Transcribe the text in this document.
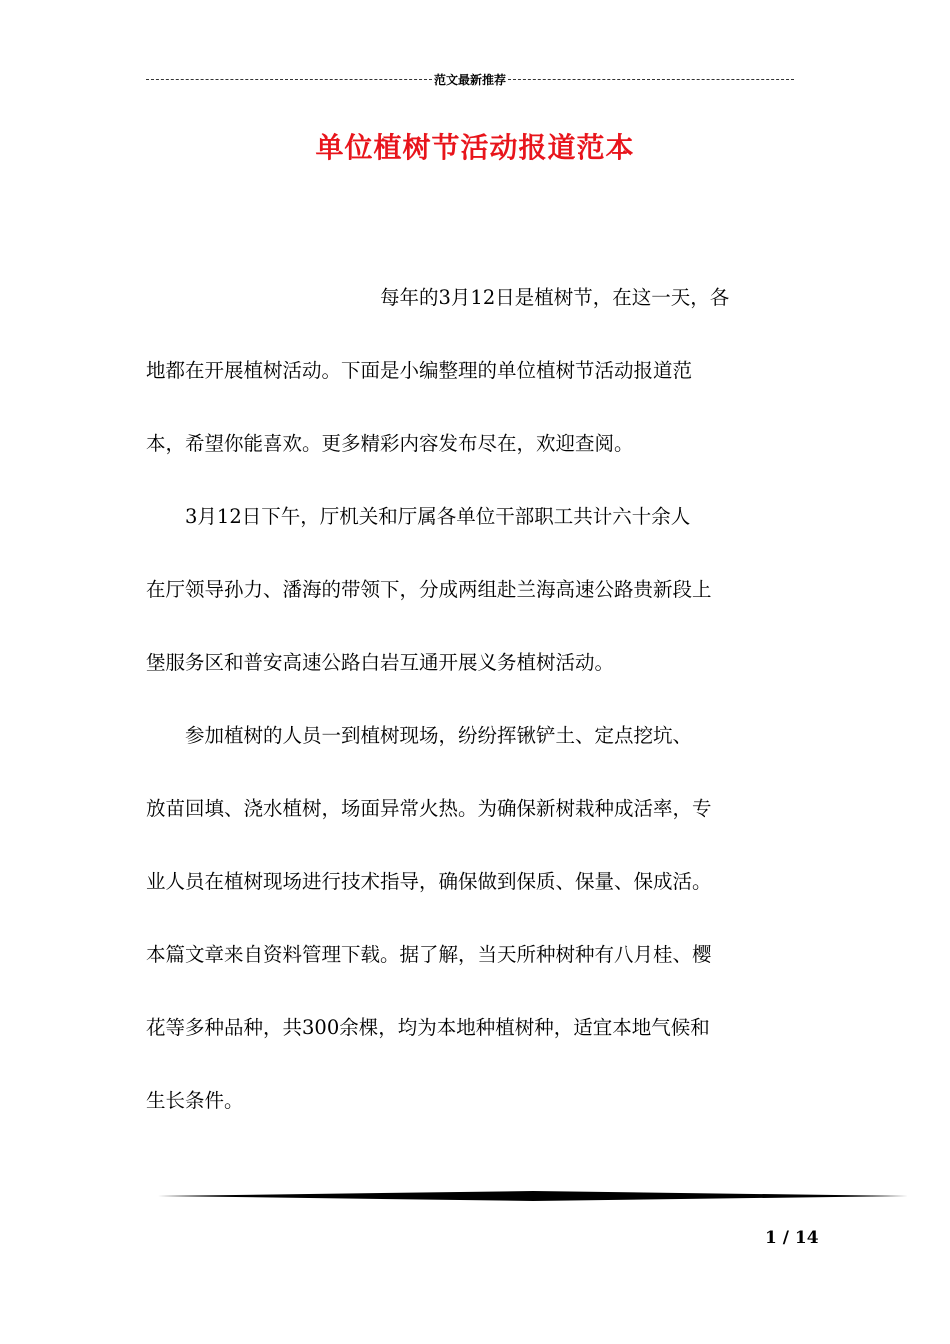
范文最新推荐
单位植树节活动报道范本
　　　　　　　　　　　　每年的3月12日是植树节，在这一天，各
地都在开展植树活动。下面是小编整理的单位植树节活动报道范
本，希望你能喜欢。更多精彩内容发布尽在，欢迎查阅。
　　3月12日下午，厅机关和厅属各单位干部职工共计六十余人
在厅领导孙力、潘海的带领下，分成两组赴兰海高速公路贵新段上
堡服务区和普安高速公路白岩互通开展义务植树活动。
　　参加植树的人员一到植树现场，纷纷挥锹铲土、定点挖坑、
放苗回填、浇水植树，场面异常火热。为确保新树栽种成活率，专
业人员在植树现场进行技术指导，确保做到保质、保量、保成活。
本篇文章来自资料管理下载。据了解，当天所种树种有八月桂、樱
花等多种品种，共300余棵，均为本地种植树种，适宜本地气候和
生长条件。
1 / 14
